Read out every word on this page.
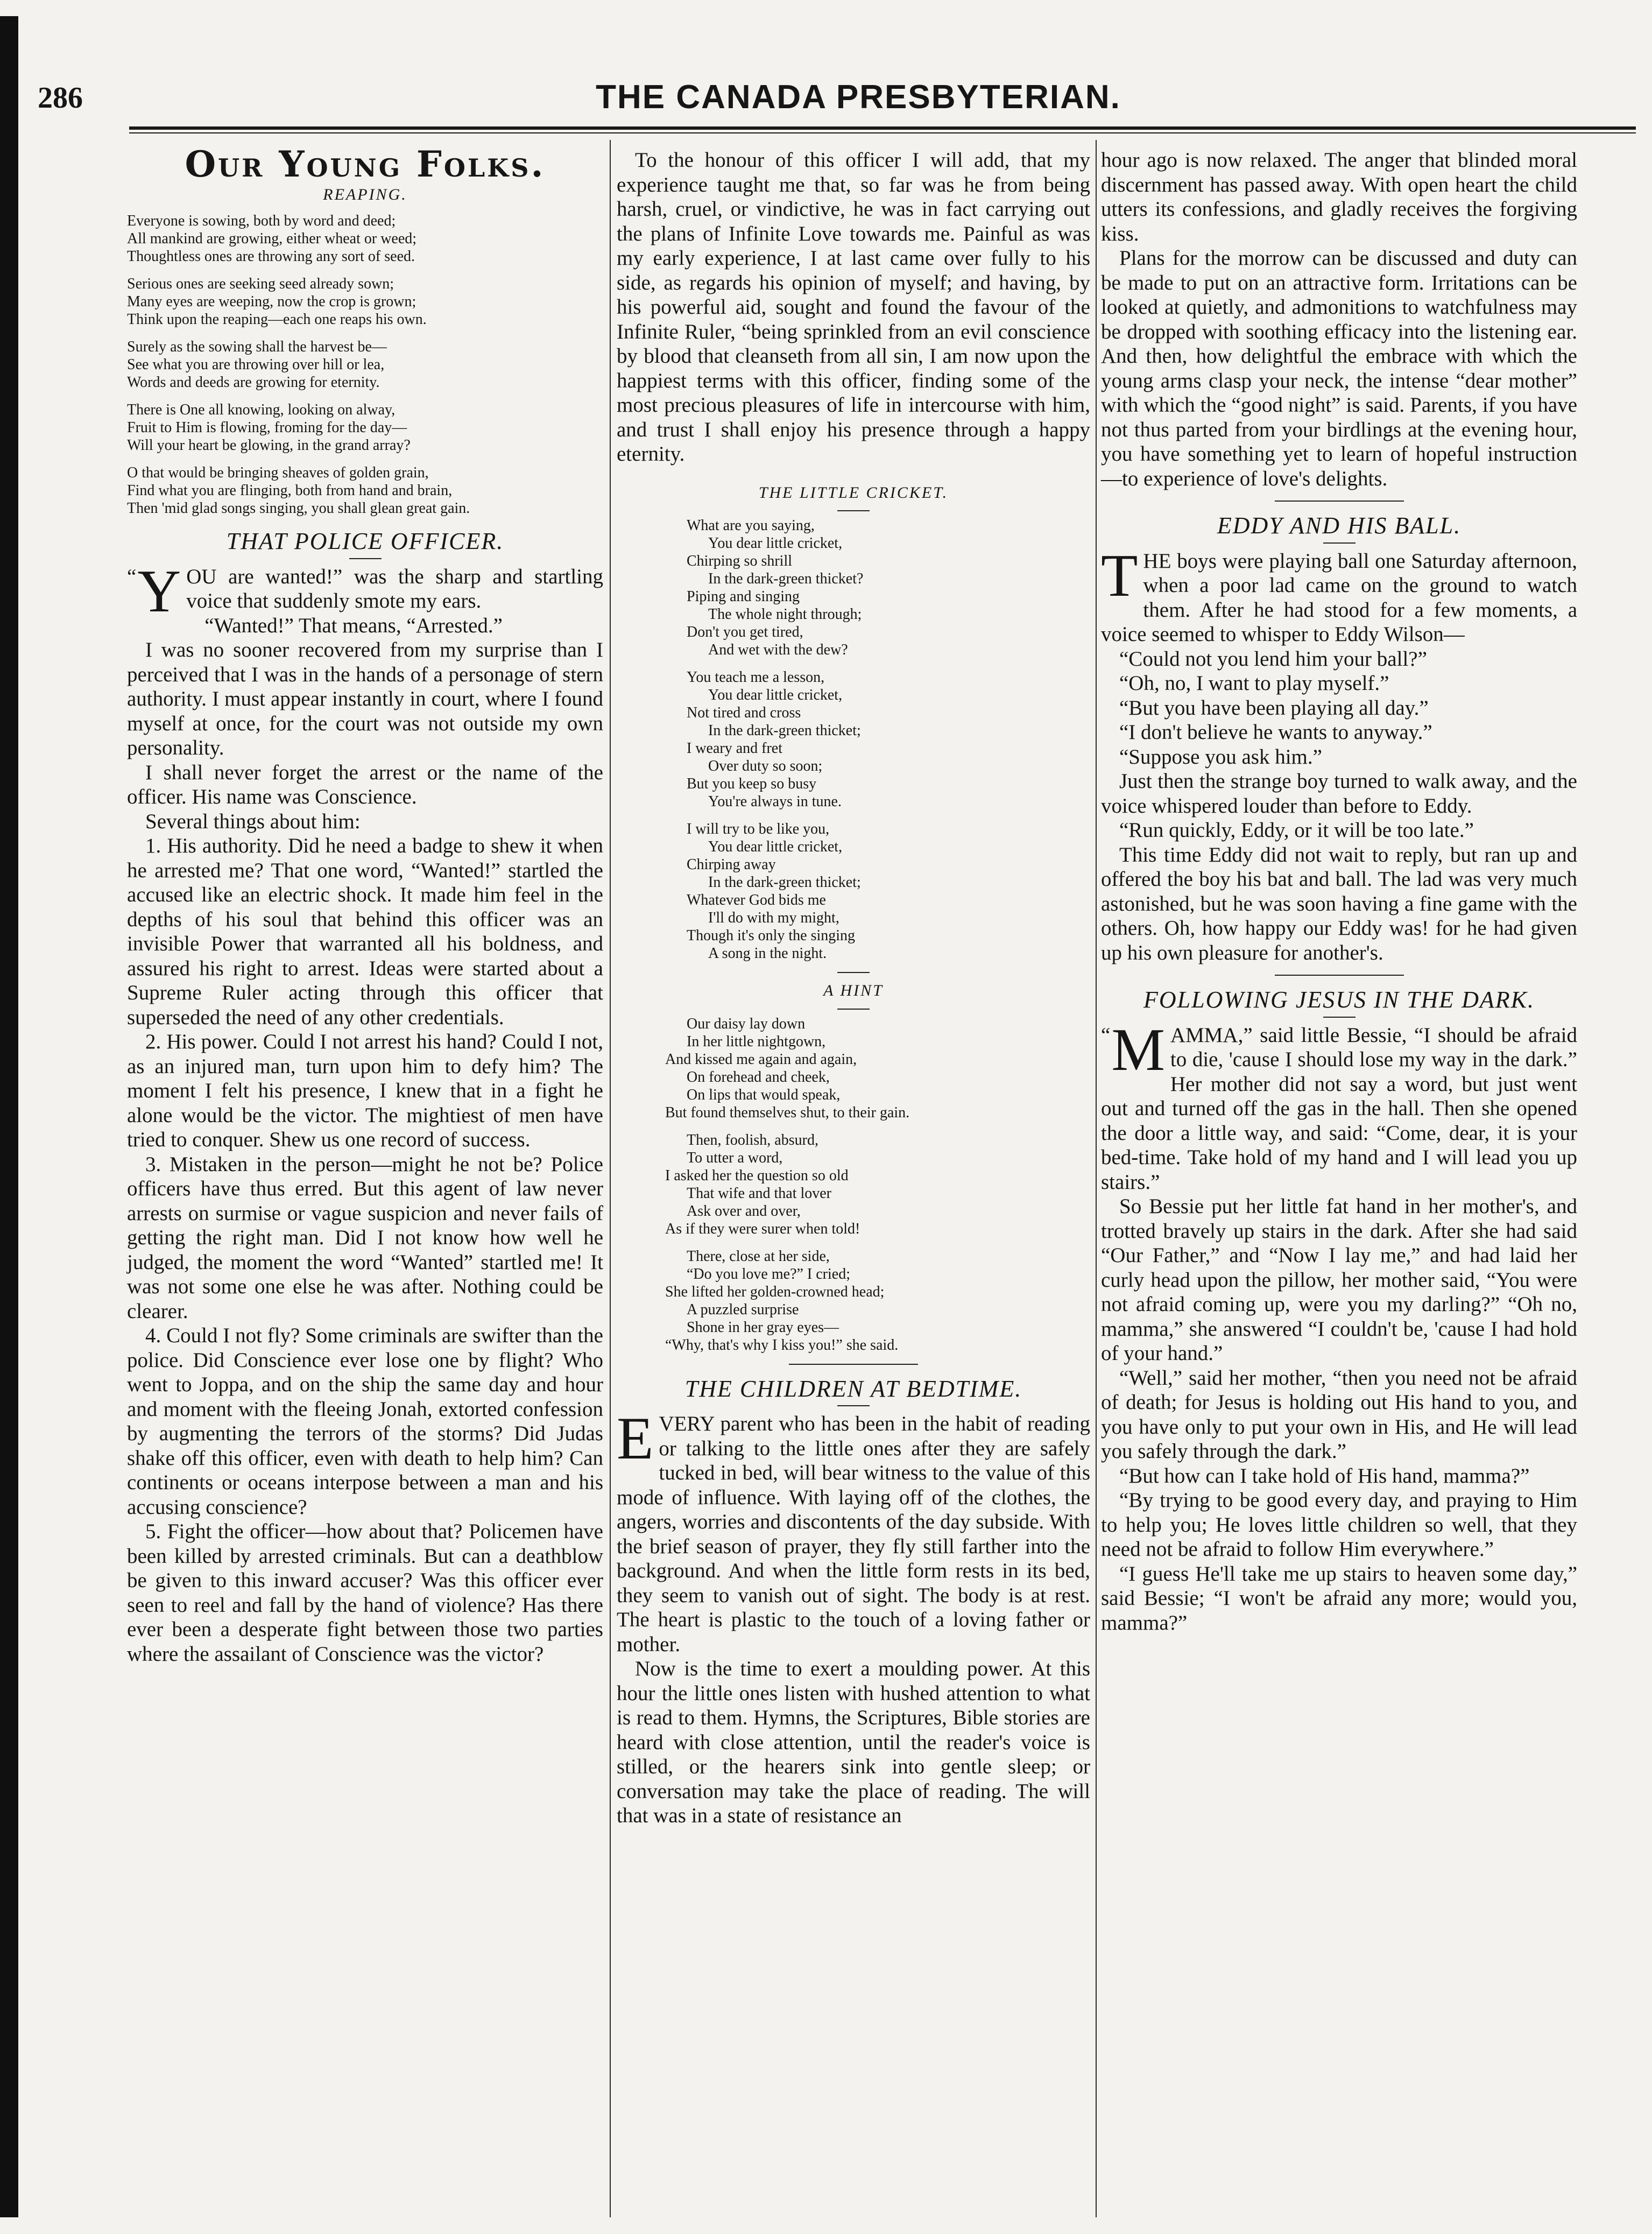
286	THE CANADA PRESBYTERIAN.
Our Young Folks.
REAPING.
Everyone is sowing, both by word and deed;
All mankind are growing, either wheat or weed;
Thoughtless ones are throwing any sort of seed.
Serious ones are seeking seed already sown;
Many eyes are weeping, now the crop is grown;
Think upon the reaping—each one reaps his own.
Surely as the sowing shall the harvest be—
See what you are throwing over hill or lea,
Words and deeds are growing for eternity.
There is One all knowing, looking on alway,
Fruit to Him is flowing, froming for the day—
Will your heart be glowing, in the grand array?
O that would be bringing sheaves of golden grain,
Find what you are flinging, both from hand and brain,
Then 'mid glad songs singing, you shall glean great gain.
THAT POLICE OFFICER.

“ Y OU are wanted!” was the sharp and startling voice that suddenly smote my ears.

“Wanted!” That means, “Arrested.”

I was no sooner recovered from my surprise than I perceived that I was in the hands of a personage of stern authority. I must appear instantly in court, where I found myself at once, for the court was not outside my own personality.

I shall never forget the arrest or the name of the officer. His name was Conscience.

Several things about him:

1. His authority. Did he need a badge to shew it when he arrested me? That one word, “Wanted!” startled the accused like an electric shock. It made him feel in the depths of his soul that behind this officer was an invisible Power that warranted all his boldness, and assured his right to arrest. Ideas were started about a Supreme Ruler acting through this officer that superseded the need of any other credentials.

2. His power. Could I not arrest his hand? Could I not, as an injured man, turn upon him to defy him? The moment I felt his presence, I knew that in a fight he alone would be the victor. The mightiest of men have tried to conquer. Shew us one record of success.

3. Mistaken in the person—might he not be? Police officers have thus erred. But this agent of law never arrests on surmise or vague suspicion and never fails of getting the right man. Did I not know how well he judged, the moment the word “Wanted” startled me! It was not some one else he was after. Nothing could be clearer.

4. Could I not fly? Some criminals are swifter than the police. Did Conscience ever lose one by flight? Who went to Joppa, and on the ship the same day and hour and moment with the fleeing Jonah, extorted confession by augmenting the terrors of the storms? Did Judas shake off this officer, even with death to help him? Can continents or oceans interpose between a man and his accusing conscience?

5. Fight the officer—how about that? Policemen have been killed by arrested criminals. But can a deathblow be given to this inward accuser? Was this officer ever seen to reel and fall by the hand of violence? Has there ever been a desperate fight between those two parties where the assailant of Conscience was the victor?

To the honour of this officer I will add, that my experience taught me that, so far was he from being harsh, cruel, or vindictive, he was in fact carrying out the plans of Infinite Love towards me. Painful as was my early experience, I at last came over fully to his side, as regards his opinion of myself; and having, by his powerful aid, sought and found the favour of the Infinite Ruler, “being sprinkled from an evil conscience by blood that cleanseth from all sin, I am now upon the happiest terms with this officer, finding some of the most precious pleasures of life in intercourse with him, and trust I shall enjoy his presence through a happy eternity.

THE LITTLE CRICKET.
What are you saying,
You dear little cricket,
Chirping so shrill
In the dark-green thicket?
Piping and singing
The whole night through;
Don't you get tired,
And wet with the dew?
You teach me a lesson,
You dear little cricket,
Not tired and cross
In the dark-green thicket;
I weary and fret
Over duty so soon;
But you keep so busy
You're always in tune.
I will try to be like you,
You dear little cricket,
Chirping away
In the dark-green thicket;
Whatever God bids me
I'll do with my might,
Though it's only the singing
A song in the night.
A HINT
Our daisy lay down
In her little nightgown,
And kissed me again and again,
On forehead and cheek,
On lips that would speak,
But found themselves shut, to their gain.
Then, foolish, absurd,
To utter a word,
I asked her the question so old
That wife and that lover
Ask over and over,
As if they were surer when told!
There, close at her side,
“Do you love me?” I cried;
She lifted her golden-crowned head;
A puzzled surprise
Shone in her gray eyes—
“Why, that's why I kiss you!” she said.
THE CHILDREN AT BEDTIME.

EVERY parent who has been in the habit of reading or talking to the little ones after they are safely tucked in bed, will bear witness to the value of this mode of influence. With laying off of the clothes, the angers, worries and discontents of the day subside. With the brief season of prayer, they fly still farther into the background. And when the little form rests in its bed, they seem to vanish out of sight. The body is at rest. The heart is plastic to the touch of a loving father or mother.

Now is the time to exert a moulding power. At this hour the little ones listen with hushed attention to what is read to them. Hymns, the Scriptures, Bible stories are heard with close attention, until the reader's voice is stilled, or the hearers sink into gentle sleep; or conversation may take the place of reading. The will that was in a state of resistance an

hour ago is now relaxed. The anger that blinded moral discernment has passed away. With open heart the child utters its confessions, and gladly receives the forgiving kiss.

Plans for the morrow can be discussed and duty can be made to put on an attractive form. Irritations can be looked at quietly, and admonitions to watchfulness may be dropped with soothing efficacy into the listening ear. And then, how delightful the embrace with which the young arms clasp your neck, the intense “dear mother” with which the “good night” is said. Parents, if you have not thus parted from your birdlings at the evening hour, you have something yet to learn of hopeful instruction—to experience of love's delights.

EDDY AND HIS BALL.

THE boys were playing ball one Saturday afternoon, when a poor lad came on the ground to watch them. After he had stood for a few moments, a voice seemed to whisper to Eddy Wilson—

“Could not you lend him your ball?”

“Oh, no, I want to play myself.”

“But you have been playing all day.”

“I don't believe he wants to anyway.”

“Suppose you ask him.”

Just then the strange boy turned to walk away, and the voice whispered louder than before to Eddy.

“Run quickly, Eddy, or it will be too late.”

This time Eddy did not wait to reply, but ran up and offered the boy his bat and ball. The lad was very much astonished, but he was soon having a fine game with the others. Oh, how happy our Eddy was! for he had given up his own pleasure for another's.

FOLLOWING JESUS IN THE DARK.

“ M AMMA,” said little Bessie, “I should be afraid to die, 'cause I should lose my way in the dark.” Her mother did not say a word, but just went out and turned off the gas in the hall. Then she opened the door a little way, and said: “Come, dear, it is your bed-time. Take hold of my hand and I will lead you up stairs.”

So Bessie put her little fat hand in her mother's, and trotted bravely up stairs in the dark. After she had said “Our Father,” and “Now I lay me,” and had laid her curly head upon the pillow, her mother said, “You were not afraid coming up, were you my darling?” “Oh no, mamma,” she answered “I couldn't be, 'cause I had hold of your hand.”

“Well,” said her mother, “then you need not be afraid of death; for Jesus is holding out His hand to you, and you have only to put your own in His, and He will lead you safely through the dark.”

“But how can I take hold of His hand, mamma?”

“By trying to be good every day, and praying to Him to help you; He loves little children so well, that they need not be afraid to follow Him everywhere.”

“I guess He'll take me up stairs to heaven some day,” said Bessie; “I won't be afraid any more; would you, mamma?”
